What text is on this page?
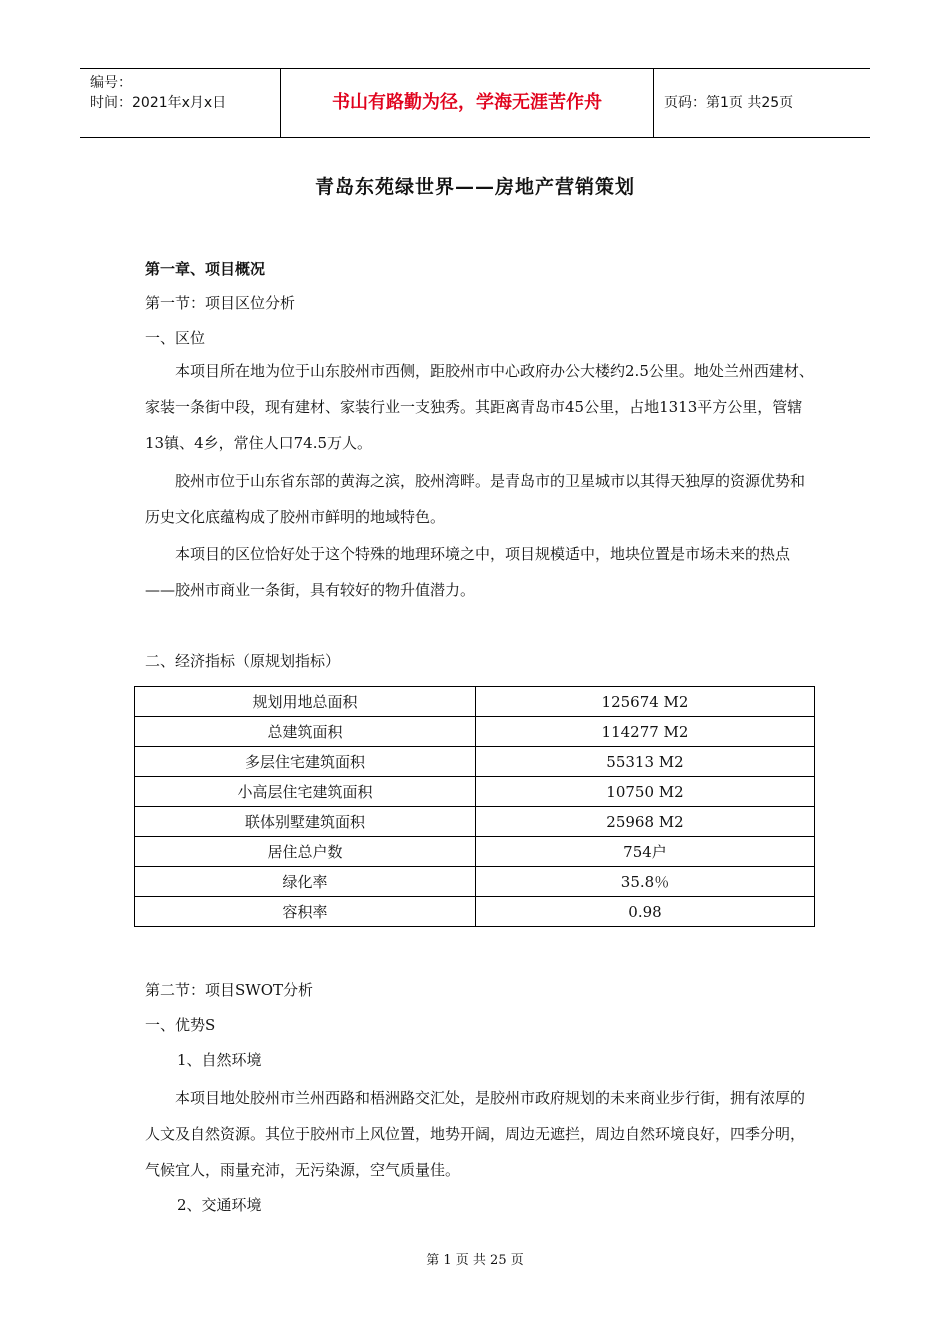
编号：
时间：2021年x月x日	书山有路勤为径，学海无涯苦作舟	页码：第1页 共25页
青岛东苑绿世界——房地产营销策划
第一章、项目概况
第一节：项目区位分析
一、区位

本项目所在地为位于山东胶州市西侧，距胶州市中心政府办公大楼约2.5公里。地处兰州西建材、家装一条街中段，现有建材、家装行业一支独秀。其距离青岛市45公里，占地1313平方公里，管辖13镇、4乡，常住人口74.5万人。

胶州市位于山东省东部的黄海之滨，胶州湾畔。是青岛市的卫星城市以其得天独厚的资源优势和历史文化底蕴构成了胶州市鲜明的地域特色。

本项目的区位恰好处于这个特殊的地理环境之中，项目规模适中，地块位置是市场未来的热点——胶州市商业一条街，具有较好的物升值潜力。

二、经济指标（原规划指标）
规划用地总面积	125674 M2
总建筑面积	114277 M2
多层住宅建筑面积	55313 M2
小高层住宅建筑面积	10750 M2
联体别墅建筑面积	25968 M2
居住总户数	754户
绿化率	35.8％
容积率	0.98
第二节：项目SWOT分析
一、优势S
1、自然环境

本项目地处胶州市兰州西路和梧洲路交汇处，是胶州市政府规划的未来商业步行街，拥有浓厚的人文及自然资源。其位于胶州市上风位置，地势开阔，周边无遮拦，周边自然环境良好，四季分明，气候宜人，雨量充沛，无污染源，空气质量佳。

2、交通环境
第 1 页 共 25 页
